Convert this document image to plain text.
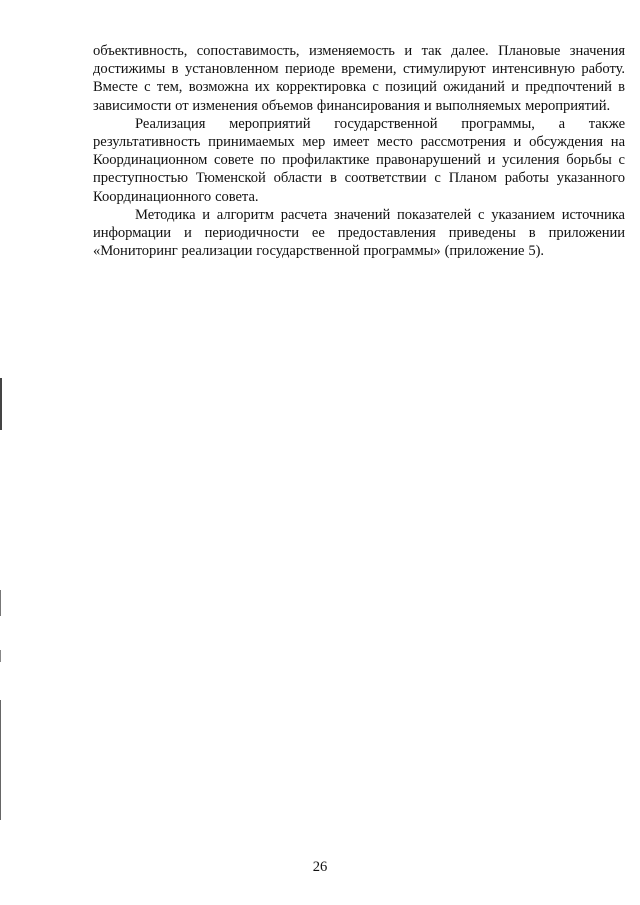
объективность, сопоставимость, изменяемость и так далее. Плановые значения достижимы в установленном периоде времени, стимулируют интенсивную работу. Вместе с тем, возможна их корректировка с позиций ожиданий и предпочтений в зависимости от изменения объемов финансирования и выполняемых мероприятий.

Реализация мероприятий государственной программы, а также результативность принимаемых мер имеет место рассмотрения и обсуждения на Координационном совете по профилактике правонарушений и усиления борьбы с преступностью Тюменской области в соответствии с Планом работы указанного Координационного совета.

Методика и алгоритм расчета значений показателей с указанием источника информации и периодичности ее предоставления приведены в приложении «Мониторинг реализации государственной программы» (приложение 5).

26
